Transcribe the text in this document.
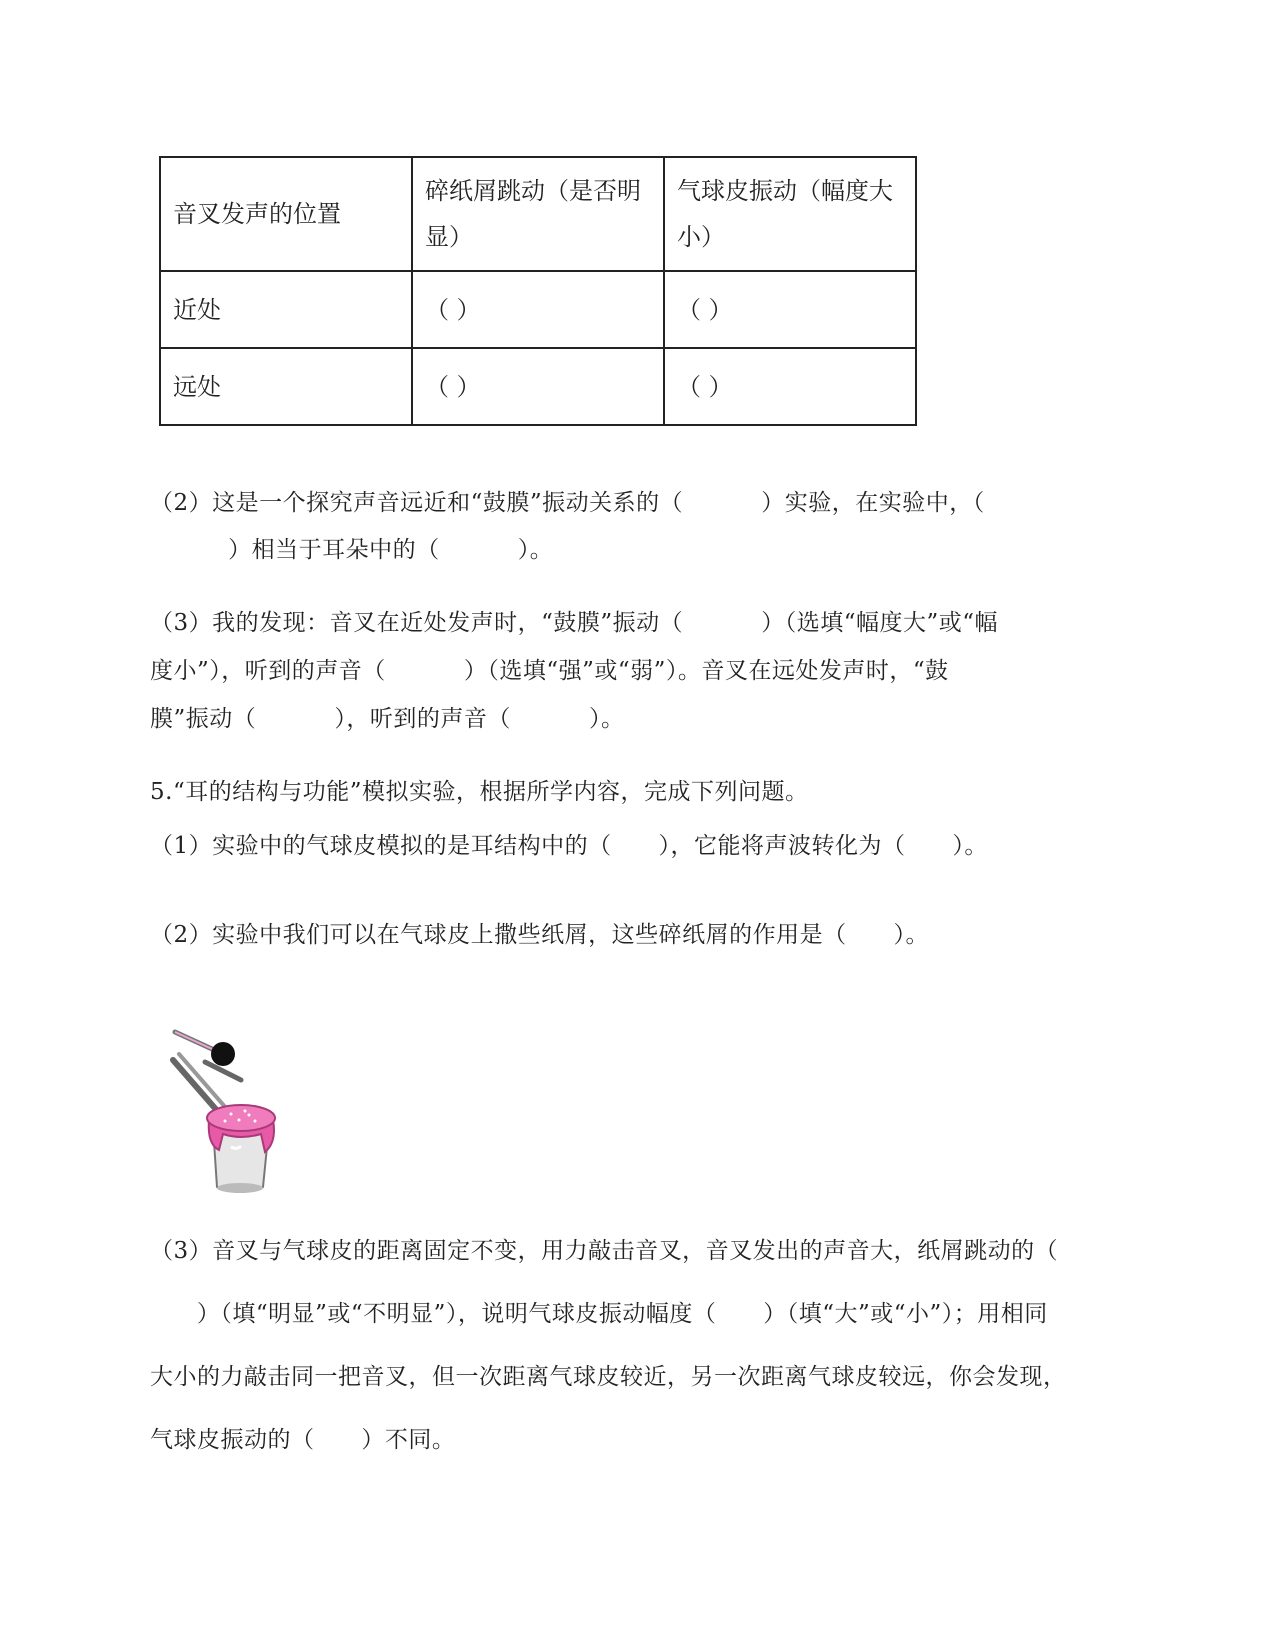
音叉发声的位置	碎纸屑跳动（是否明显）	气球皮振动（幅度大小）
近处	（ ）	（ ）
远处	（ ）	（ ）
（2）这是一个探究声音远近和“鼓膜”振动关系的（          ）实验，在实验中，（
）相当于耳朵中的（          ）。
（3）我的发现：音叉在近处发声时，“鼓膜”振动（          ）（选填“幅度大”或“幅
度小”），听到的声音（          ）（选填“强”或“弱”）。音叉在远处发声时，“鼓
膜”振动（          ），听到的声音（          ）。
5.“耳的结构与功能”模拟实验，根据所学内容，完成下列问题。
（1）实验中的气球皮模拟的是耳结构中的（      ），它能将声波转化为（      ）。
（2）实验中我们可以在气球皮上撒些纸屑，这些碎纸屑的作用是（      ）。
（3）音叉与气球皮的距离固定不变，用力敲击音叉，音叉发出的声音大，纸屑跳动的（
）（填“明显”或“不明显”），说明气球皮振动幅度（      ）（填“大”或“小”）；用相同
大小的力敲击同一把音叉，但一次距离气球皮较近，另一次距离气球皮较远，你会发现，
气球皮振动的（      ）不同。
